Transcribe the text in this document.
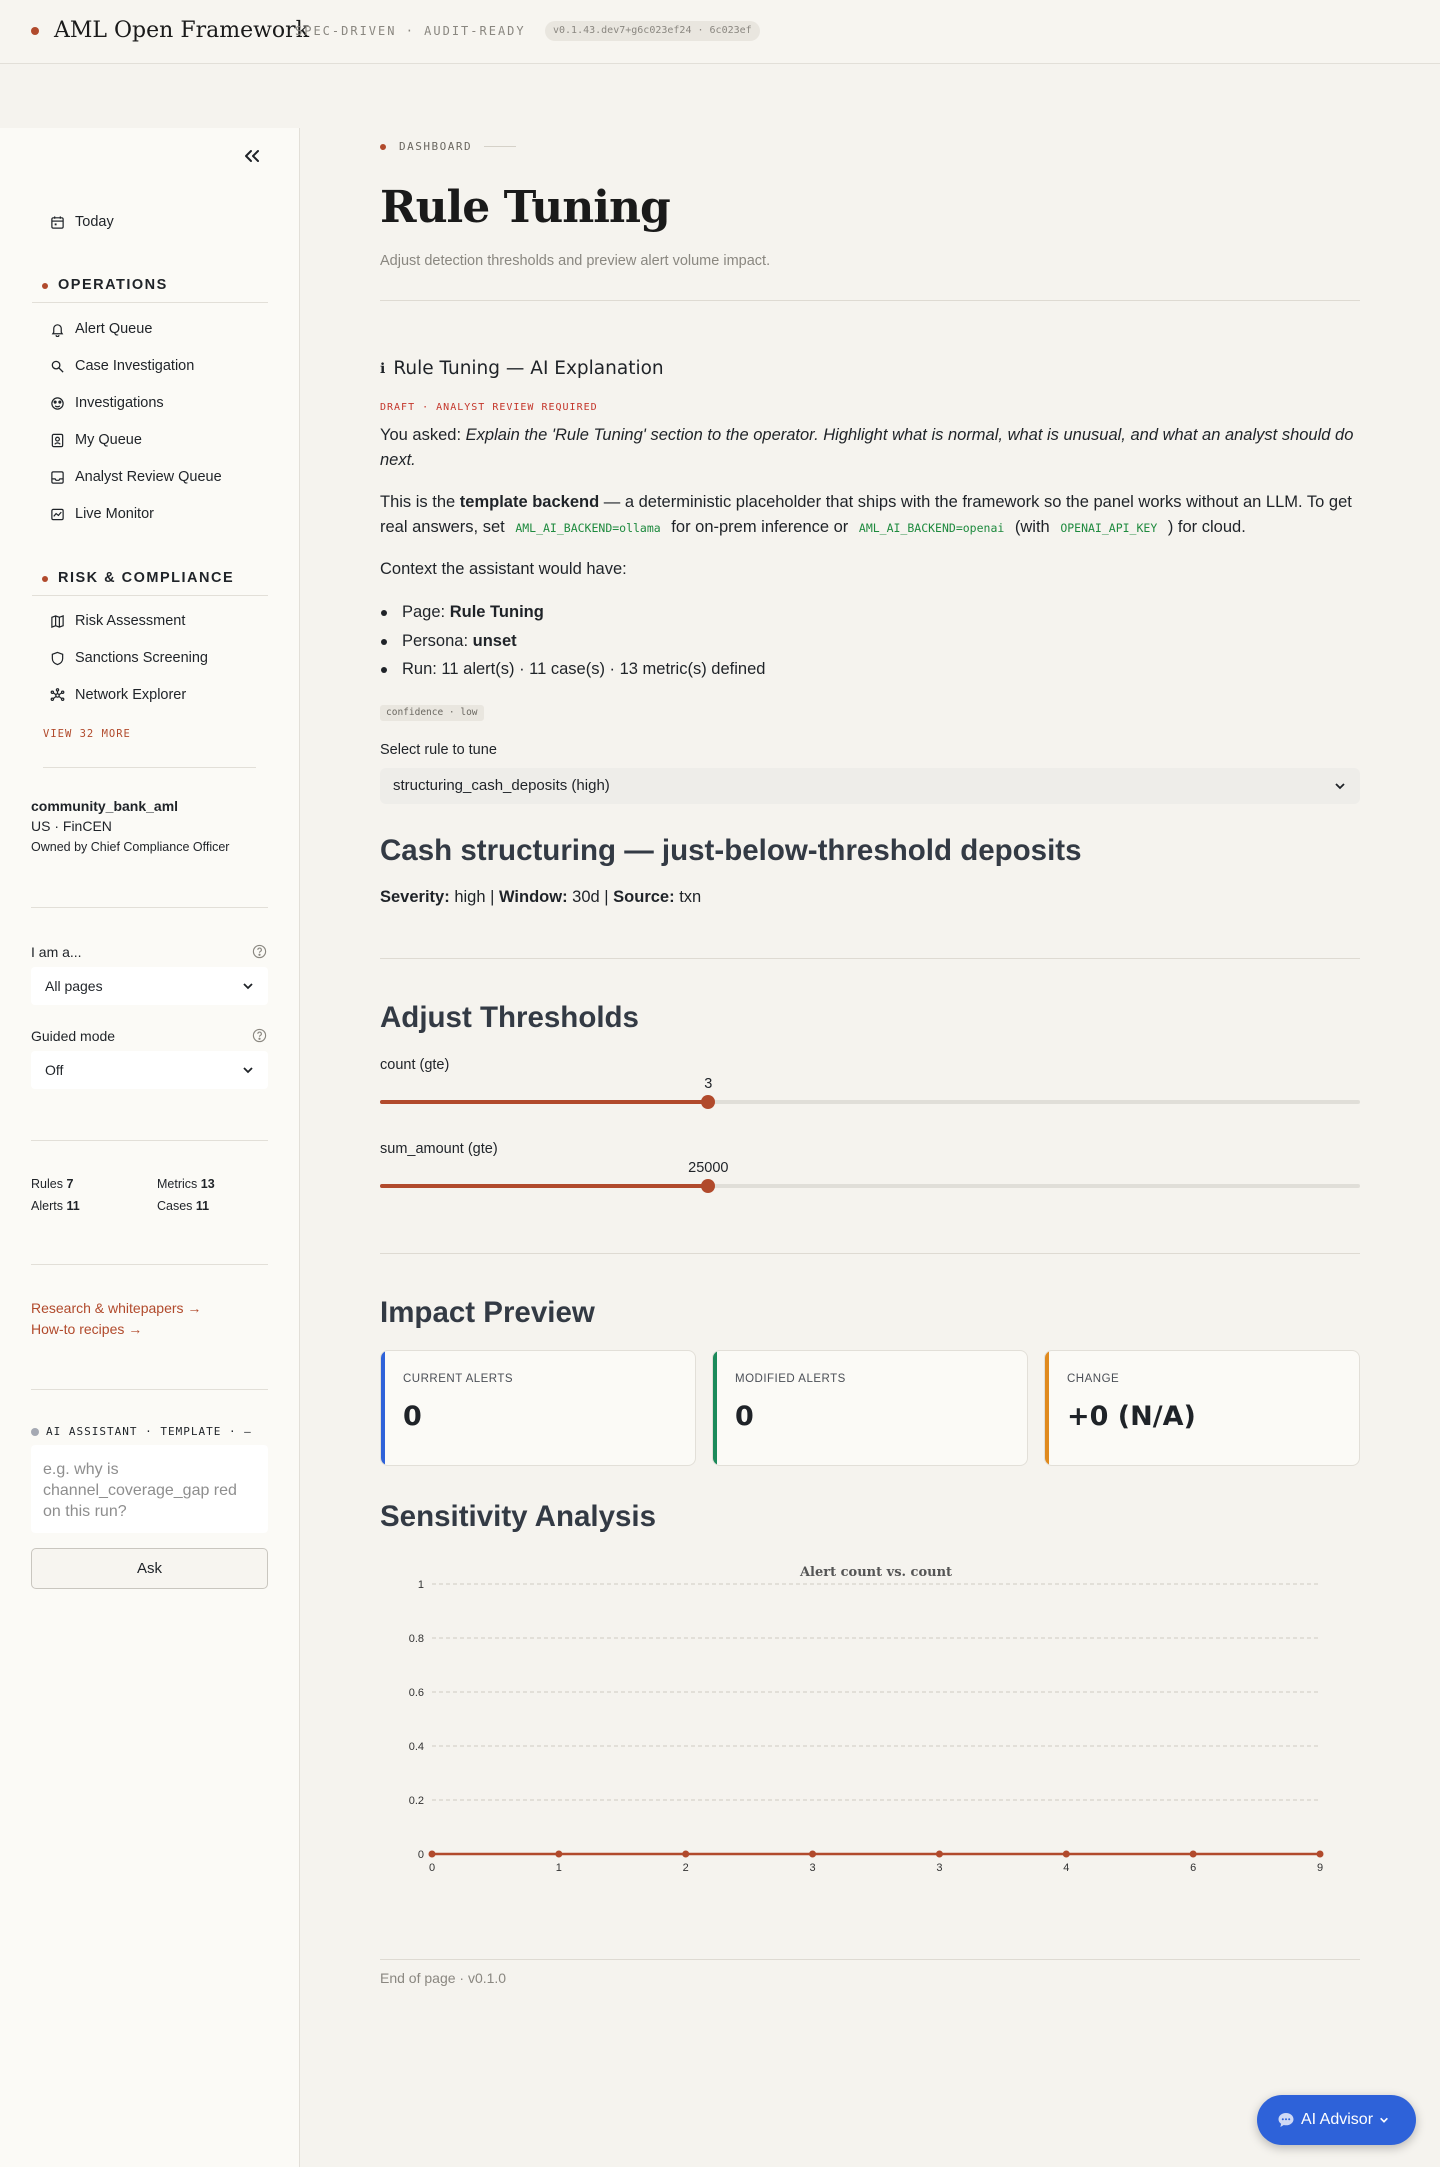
AML Open Framework
SPEC-DRIVEN · AUDIT-READY	v0.1.43.dev7+g6c023ef24 · 6c023ef
Today
OPERATIONS
Alert Queue
Case Investigation
Investigations
My Queue
Analyst Review Queue
Live Monitor
RISK & COMPLIANCE
Risk Assessment
Sanctions Screening
Network Explorer
VIEW 32 MORE
community_bank_aml
US · FinCEN
Owned by Chief Compliance Officer
I am a...
All pages
Guided mode
Off
Rules 7	Metrics 13
Alerts 11	Cases 11
Research & whitepapers →
How-to recipes →
AI ASSISTANT · TEMPLATE · —
e.g. why is channel_coverage_gap red on this run?
Ask
DASHBOARD
Rule Tuning
Adjust detection thresholds and preview alert volume impact.
ℹ Rule Tuning — AI Explanation
DRAFT · ANALYST REVIEW REQUIRED
You asked: Explain the 'Rule Tuning' section to the operator. Highlight what is normal, what is unusual, and what an analyst should do next.
This is the template backend — a deterministic placeholder that ships with the framework so the panel works without an LLM. To get real answers, set AML_AI_BACKEND=ollama for on-prem inference or AML_AI_BACKEND=openai (with OPENAI_API_KEY ) for cloud.
Context the assistant would have:
Page: Rule Tuning
Persona: unset
Run: 11 alert(s) · 11 case(s) · 13 metric(s) defined
confidence · low
Select rule to tune
structuring_cash_deposits (high)
Cash structuring — just-below-threshold deposits
Severity: high | Window: 30d | Source: txn
Adjust Thresholds
count (gte)
3
sum_amount (gte)
25000
Impact Preview
CURRENT ALERTS
0
MODIFIED ALERTS
0
CHANGE
+0 (N/A)
Sensitivity Analysis
Alert count vs. count
0
0.2
0.4
0.6
0.8
1
0	1	2	3	3	4	6	9
End of page · v0.1.0
AI Advisor
